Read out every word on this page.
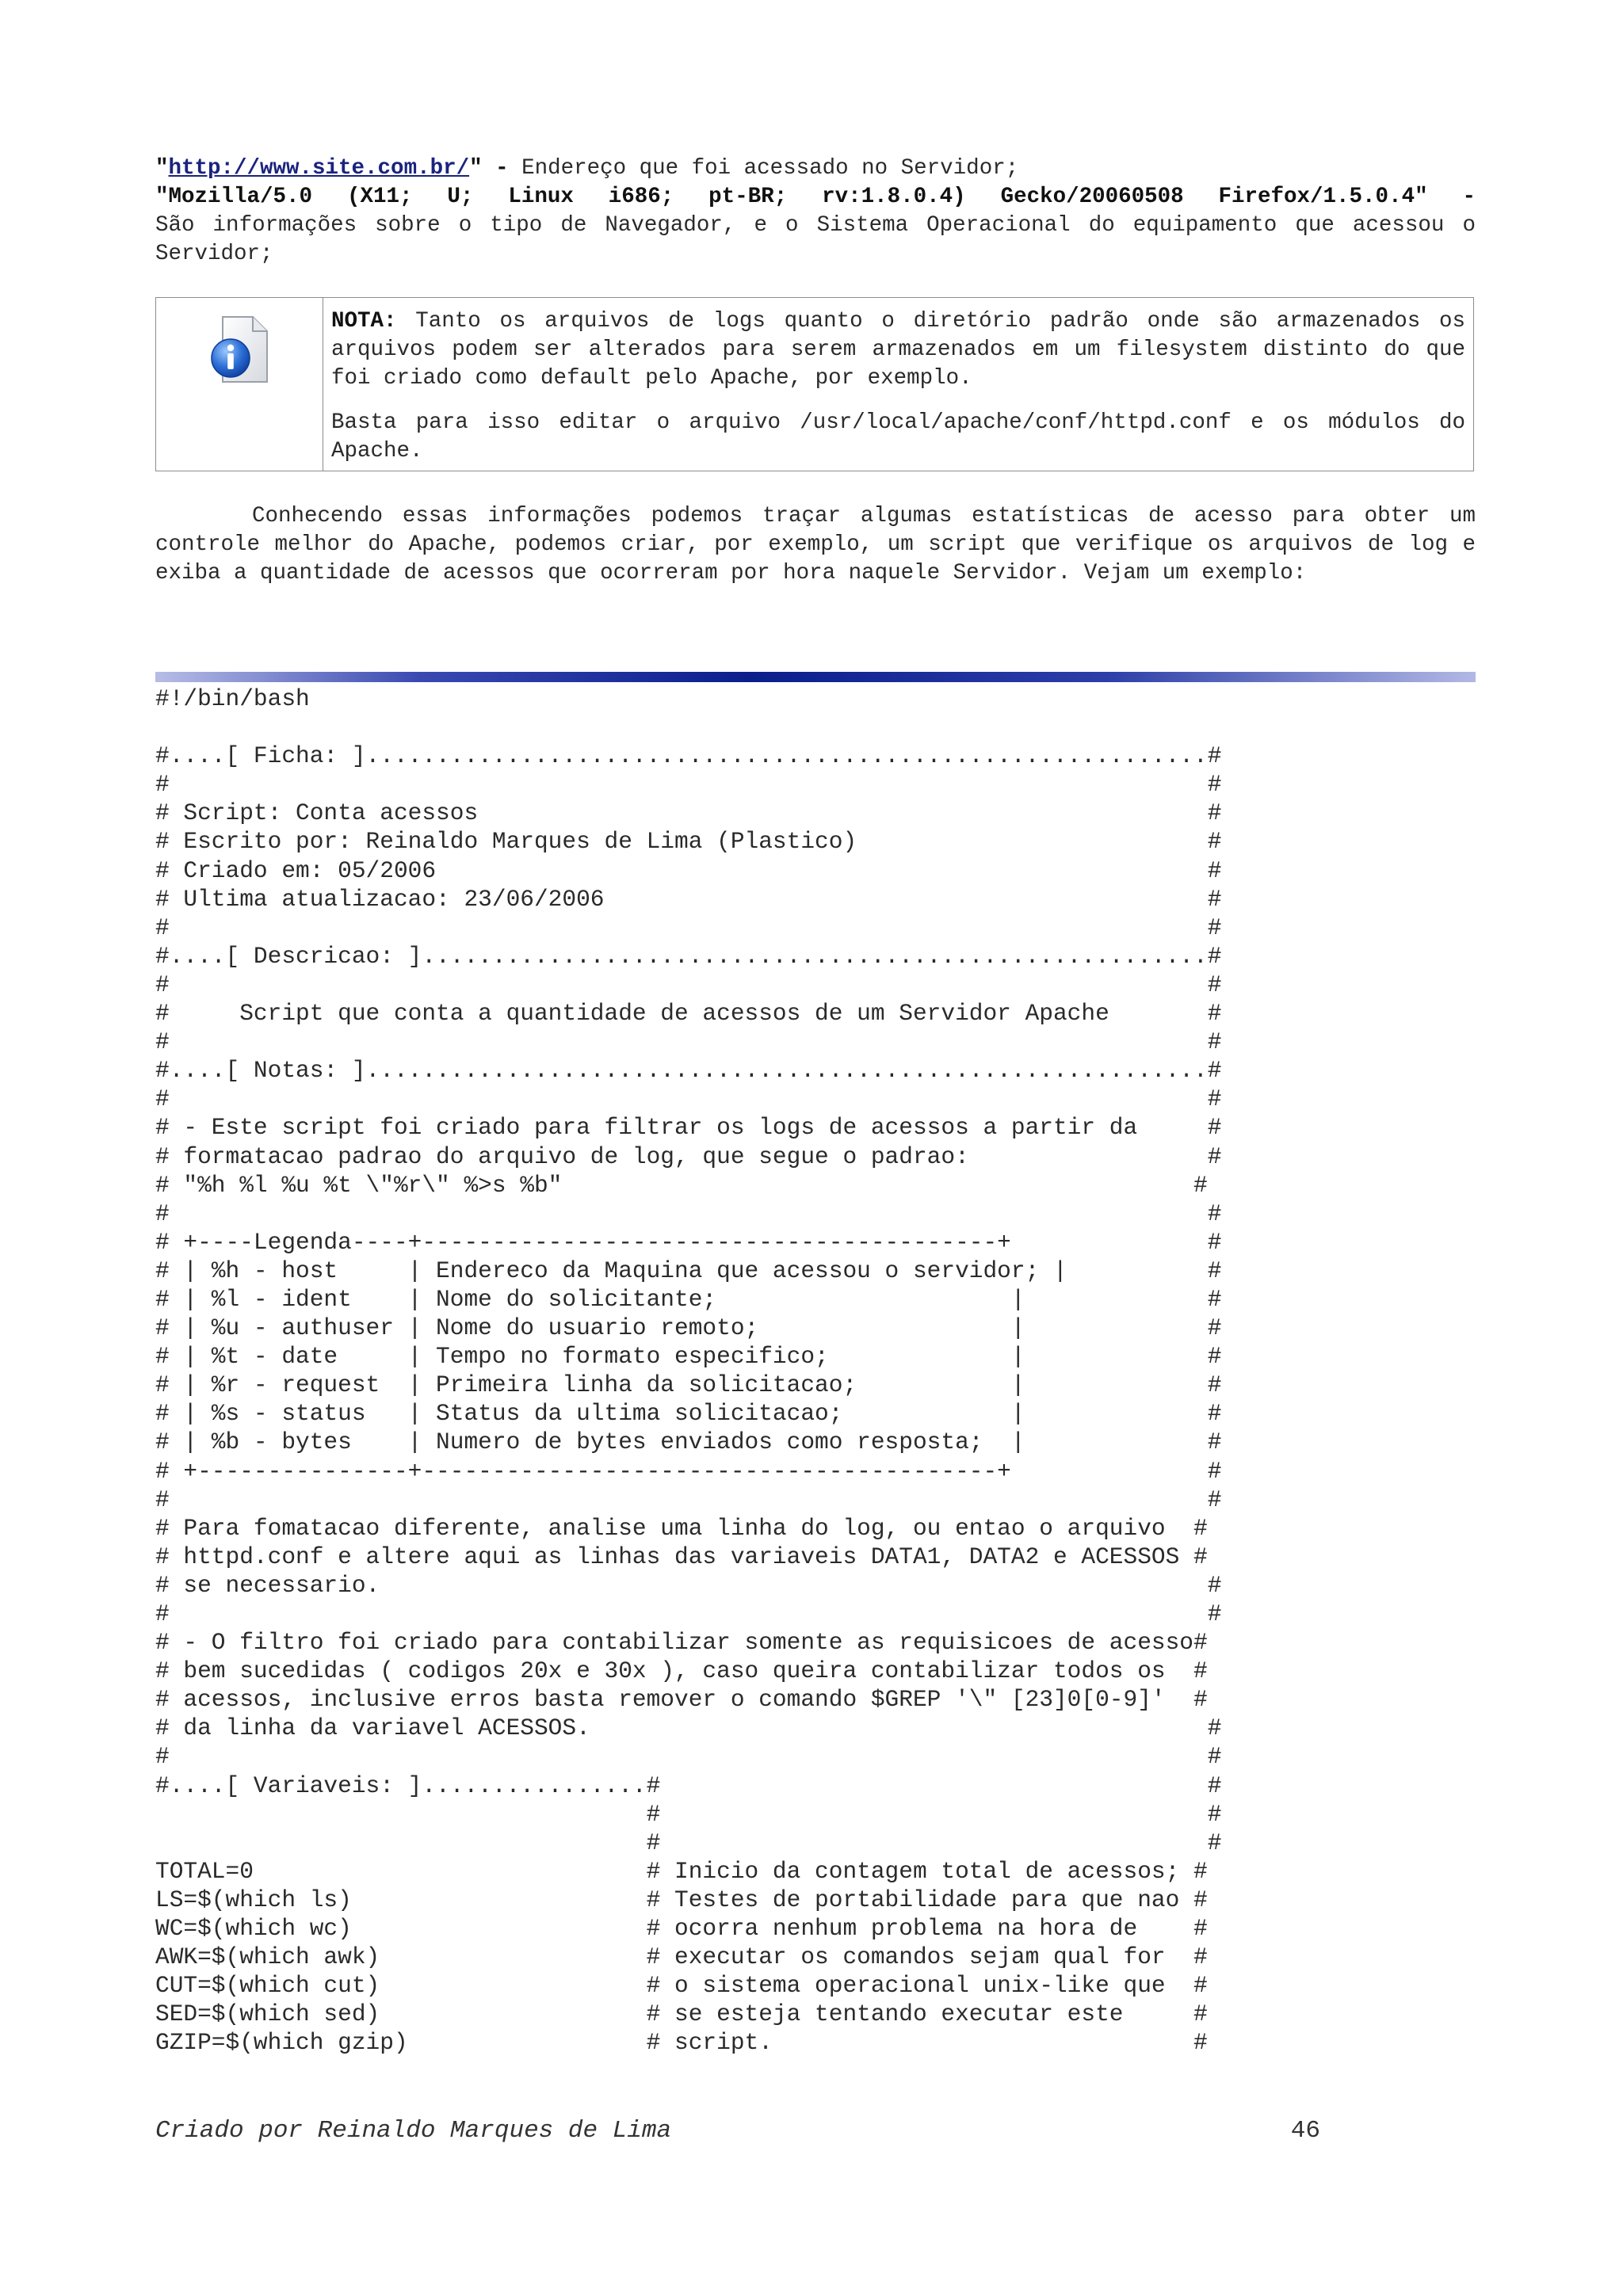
"http://www.site.com.br/" - Endereço que foi acessado no Servidor;

"Mozilla/5.0 (X11; U; Linux i686; pt-BR; rv:1.8.0.4) Gecko/20060508 Firefox/1.5.0.4" -

São informações sobre o tipo de Navegador, e o Sistema Operacional do equipamento que acessou o Servidor;

NOTA: Tanto os arquivos de logs quanto o diretório padrão onde são armazenados os arquivos podem ser alterados para serem armazenados em um filesystem distinto do que foi criado como default pelo Apache, por exemplo.

Basta para isso editar o arquivo /usr/local/apache/conf/httpd.conf e os módulos do Apache.

Conhecendo essas informações podemos traçar algumas estatísticas de acesso para obter um controle melhor do Apache, podemos criar, por exemplo, um script que verifique os arquivos de log e exiba a quantidade de acessos que ocorreram por hora naquele Servidor. Vejam um exemplo:

#!/bin/bash

#....[ Ficha: ]............................................................#
#                                                                          #
# Script: Conta acessos                                                    #
# Escrito por: Reinaldo Marques de Lima (Plastico)                         #
# Criado em: 05/2006                                                       #
# Ultima atualizacao: 23/06/2006                                           #
#                                                                          #
#....[ Descricao: ]........................................................#
#                                                                          #
#     Script que conta a quantidade de acessos de um Servidor Apache       #
#                                                                          #
#....[ Notas: ]............................................................#
#                                                                          #
# - Este script foi criado para filtrar os logs de acessos a partir da     #
# formatacao padrao do arquivo de log, que segue o padrao:                 #
# "%h %l %u %t \"%r\" %>s %b"                                             #
#                                                                          #
# +----Legenda----+-----------------------------------------+              #
# | %h - host     | Endereco da Maquina que acessou o servidor; |          #
# | %l - ident    | Nome do solicitante;                     |             #
# | %u - authuser | Nome do usuario remoto;                  |             #
# | %t - date     | Tempo no formato especifico;             |             #
# | %r - request  | Primeira linha da solicitacao;           |             #
# | %s - status   | Status da ultima solicitacao;            |             #
# | %b - bytes    | Numero de bytes enviados como resposta;  |             #
# +---------------+-----------------------------------------+              #
#                                                                          #
# Para fomatacao diferente, analise uma linha do log, ou entao o arquivo  #
# httpd.conf e altere aqui as linhas das variaveis DATA1, DATA2 e ACESSOS #
# se necessario.                                                           #
#                                                                          #
# - O filtro foi criado para contabilizar somente as requisicoes de acesso#
# bem sucedidas ( codigos 20x e 30x ), caso queira contabilizar todos os  #
# acessos, inclusive erros basta remover o comando $GREP '\" [23]0[0-9]'  #
# da linha da variavel ACESSOS.                                            #
#                                                                          #
#....[ Variaveis: ]................#                                       #
#                                       #
#                                       #
TOTAL=0                            # Inicio da contagem total de acessos; #
LS=$(which ls)                     # Testes de portabilidade para que nao #
WC=$(which wc)                     # ocorra nenhum problema na hora de    #
AWK=$(which awk)                   # executar os comandos sejam qual for  #
CUT=$(which cut)                   # o sistema operacional unix-like que  #
SED=$(which sed)                   # se esteja tentando executar este     #
GZIP=$(which gzip)                 # script.                              #
Criado por Reinaldo Marques de Lima	46
